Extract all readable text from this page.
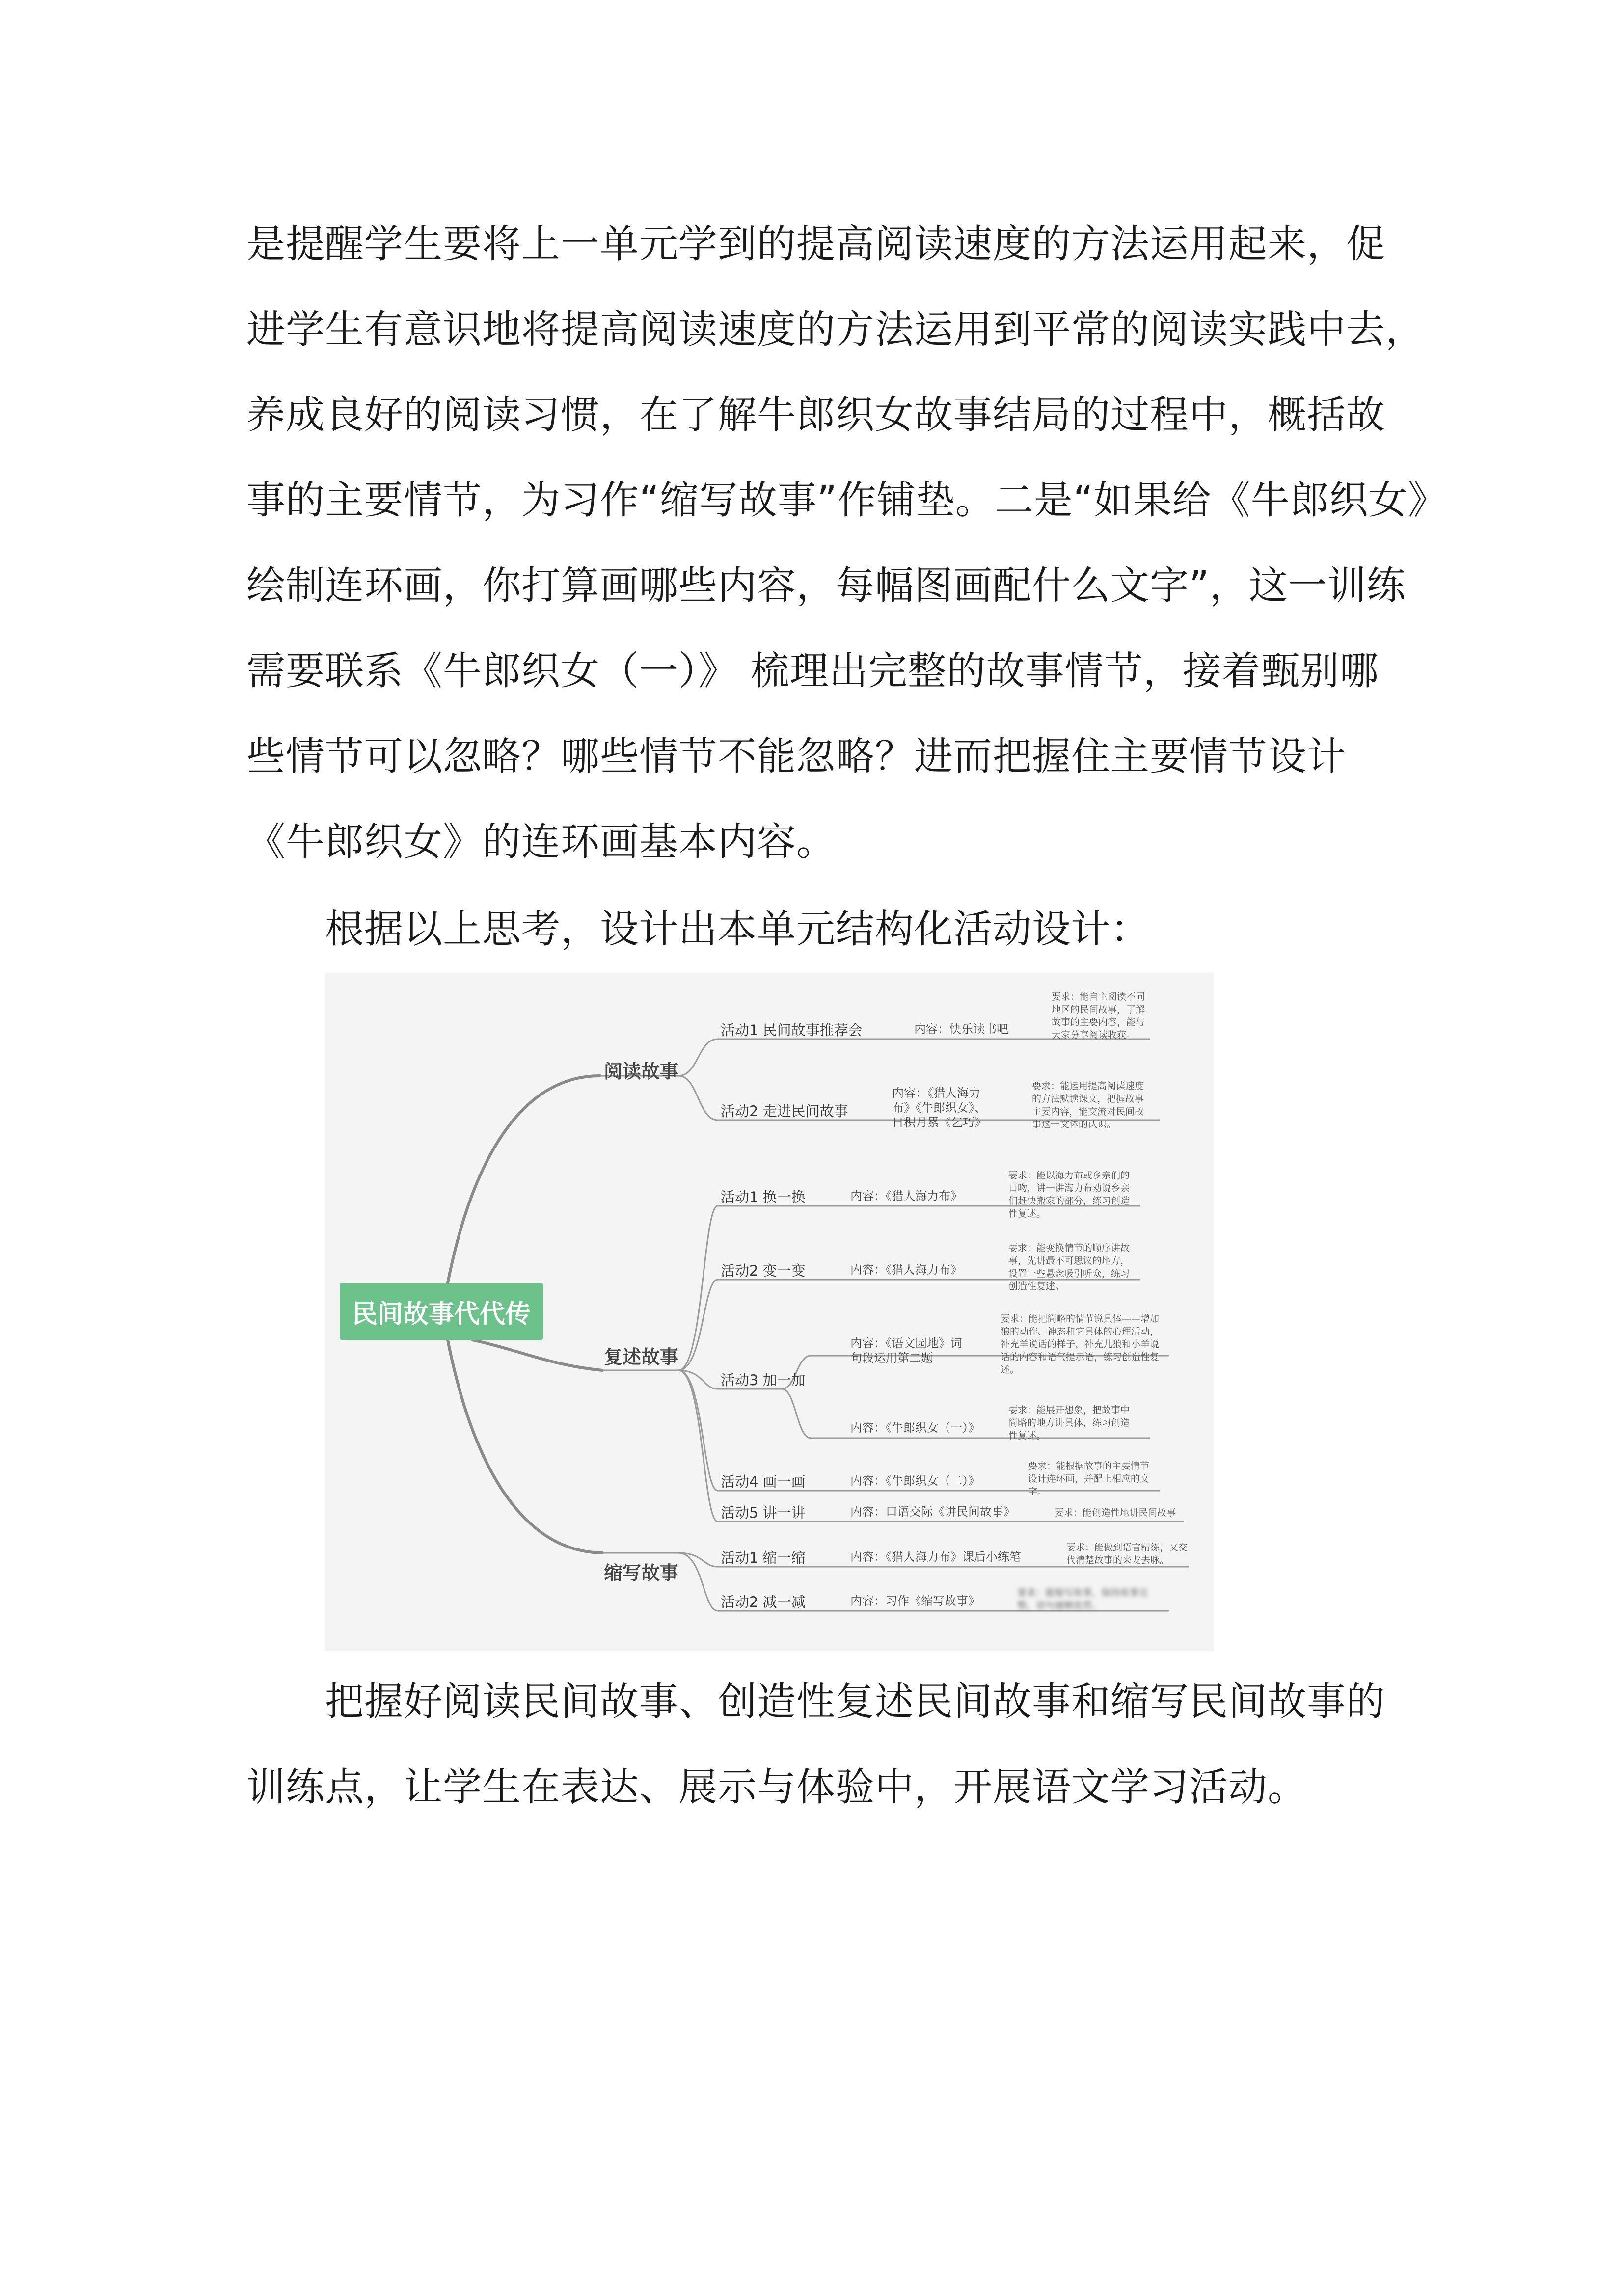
是提醒学生要将上一单元学到的提高阅读速度的方法运用起来，促
进学生有意识地将提高阅读速度的方法运用到平常的阅读实践中去，
养成良好的阅读习惯，在了解牛郎织女故事结局的过程中，概括故
事的主要情节，为习作“缩写故事”作铺垫。二是“如果给《牛郎织女》
绘制连环画，你打算画哪些内容，每幅图画配什么文字”，这一训练
需要联系《牛郎织女（一）》 梳理出完整的故事情节，接着甄别哪
些情节可以忽略？哪些情节不能忽略？进而把握住主要情节设计
《牛郎织女》的连环画基本内容。
根据以上思考，设计出本单元结构化活动设计：
民间故事代代传
阅读故事
复述故事
缩写故事
活动1 民间故事推荐会	内容：快乐读书吧
要求：能自主阅读不同地区的民间故事，了解故事的主要内容，能与大家分享阅读收获。
活动2 走进民间故事
内容：《猎人海力布》《牛郎织女》、日积月累《乞巧》
要求：能运用提高阅读速度的方法默读课文，把握故事主要内容，能交流对民间故事这一文体的认识。
活动1 换一换	内容：《猎人海力布》
要求：能以海力布或乡亲们的口吻，讲一讲海力布劝说乡亲们赶快搬家的部分，练习创造性复述。
活动2 变一变	内容：《猎人海力布》
要求：能变换情节的顺序讲故事，先讲最不可思议的地方，设置一些悬念吸引听众，练习创造性复述。
活动3 加一加
内容：《语文园地》词句段运用第二题
要求：能把简略的情节说具体——增加狼的动作、神态和它具体的心理活动，补充羊说话的样子，补充儿狼和小羊说话的内容和语气提示语，练习创造性复述。
内容：《牛郎织女（一）》
要求：能展开想象，把故事中简略的地方讲具体，练习创造性复述。
活动4 画一画	内容：《牛郎织女（二）》
要求：能根据故事的主要情节设计连环画，并配上相应的文字。
活动5 讲一讲	内容：口语交际《讲民间故事》	要求：能创造性地讲民间故事
活动1 缩一缩	内容：《猎人海力布》课后小练笔
要求：能做到语言精练，又交代清楚故事的来龙去脉。
活动2 减一减	内容：习作《缩写故事》
要求：能缩写故事，保持故事完整，语句通顺连贯。
把握好阅读民间故事、创造性复述民间故事和缩写民间故事的
训练点，让学生在表达、展示与体验中，开展语文学习活动。
